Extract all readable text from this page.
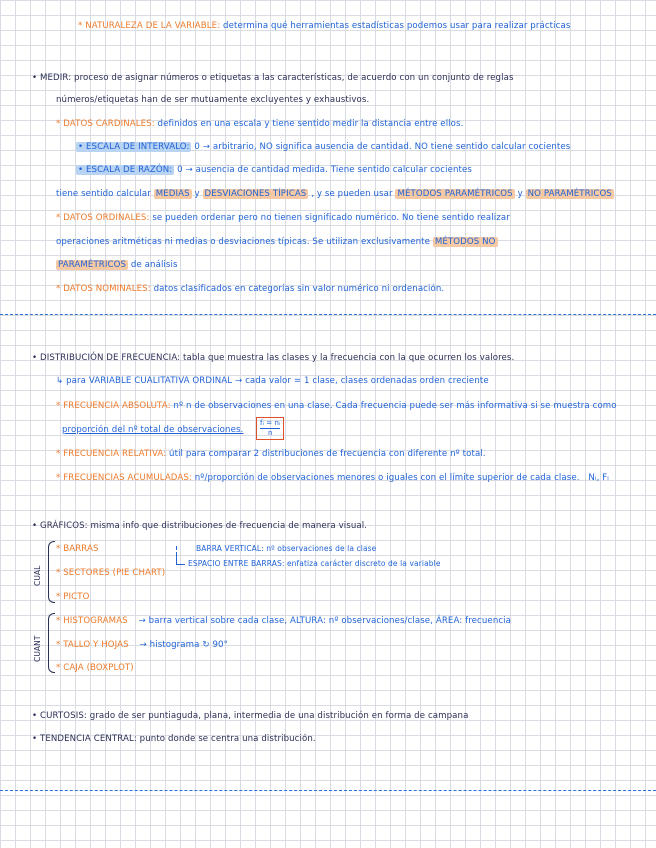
* NATURALEZA DE LA VARIABLE: determina qué herramientas estadísticas podemos usar para realizar prácticas
• MEDIR: proceso de asignar números o etiquetas a las características, de acuerdo con un conjunto de reglas
números/etiquetas han de ser mutuamente excluyentes y exhaustivos.
* DATOS CARDINALES: definidos en una escala y tiene sentido medir la distancia entre ellos.
• ESCALA DE INTERVALO: 0 → arbitrario, NO significa ausencia de cantidad. NO tiene sentido calcular cocientes
• ESCALA DE RAZÓN: 0 → ausencia de cantidad medida. Tiene sentido calcular cocientes
tiene sentido calcular MEDIAS y DESVIACIONES TÍPICAS , y se pueden usar MÉTODOS PARAMÉTRICOS y NO PARAMÉTRICOS
* DATOS ORDINALES: se pueden ordenar pero no tienen significado numérico. No tiene sentido realizar
operaciones aritméticas ni medias o desviaciones típicas. Se utilizan exclusivamente MÉTODOS NO
PARAMÉTRICOS de análisis
* DATOS NOMINALES: datos clasificados en categorías sin valor numérico ni ordenación.
• DISTRIBUCIÓN DE FRECUENCIA: tabla que muestra las clases y la frecuencia con la que ocurren los valores.
↳ para VARIABLE CUALITATIVA ORDINAL → cada valor = 1 clase, clases ordenadas orden creciente
* FRECUENCIA ABSOLUTA: nº n de observaciones en una clase. Cada frecuencia puede ser más informativa si se muestra como
proporción del nº total de observaciones. $\frac{\text{fᵢ = nᵢ}}{n}$
* FRECUENCIA RELATIVA: útil para comparar 2 distribuciones de frecuencia con diferente nº total.
* FRECUENCIAS ACUMULADAS: nº/proporción de observaciones menores o iguales con el límite superior de cada clase. Nᵢ, Fᵢ
• GRÁFICOS: misma info que distribuciones de frecuencia de manera visual.
CUAL
* BARRAS	BARRA VERTICAL: nº observaciones de la clase
ESPACIO ENTRE BARRAS: enfatiza carácter discreto de la variable
* SECTORES (PIE CHART)
* PICTO
CUANT
* HISTOGRAMAS → barra vertical sobre cada clase, ALTURA: nº observaciones/clase, ÁREA: frecuencia
* TALLO Y HOJAS → histograma ↻ 90°
* CAJA (BOXPLOT)
• CURTOSIS: grado de ser puntiaguda, plana, intermedia de una distribución en forma de campana
• TENDENCIA CENTRAL: punto donde se centra una distribución.
